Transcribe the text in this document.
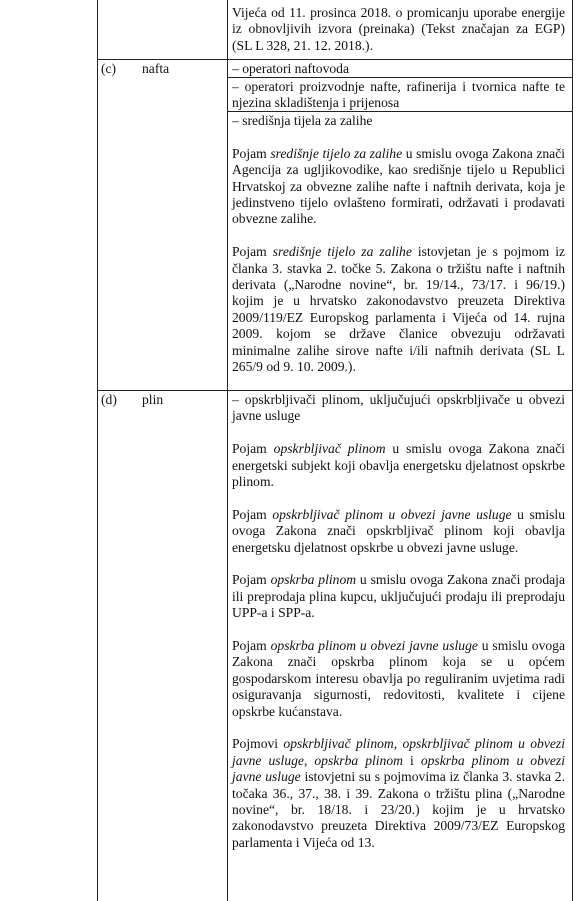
Vijeća od 11. prosinca 2018. o promicanju uporabe energije iz obnovljivih izvora (preinaka) (Tekst značajan za EGP) (SL L 328, 21. 12. 2018.).

(c) nafta	– operatori naftovoda
– operatori proizvodnje nafte, rafinerija i tvornica nafte te njezina skladištenja i prijenosa

– središnja tijela za zalihe

Pojam središnje tijelo za zalihe u smislu ovoga Zakona znači Agencija za ugljikovodike, kao središnje tijelo u Republici Hrvatskoj za obvezne zalihe nafte i naftnih derivata, koja je jedinstveno tijelo ovlašteno formirati, održavati i prodavati obvezne zalihe.

Pojam središnje tijelo za zalihe istovjetan je s pojmom iz članka 3. stavka 2. točke 5. Zakona o tržištu nafte i naftnih derivata („Narodne novine“, br. 19/14., 73/17. i 96/19.) kojim je u hrvatsko zakonodavstvo preuzeta Direktiva 2009/119/EZ Europskog parlamenta i Vijeća od 14. rujna 2009. kojom se države članice obvezuju održavati minimalne zalihe sirove nafte i/ili naftnih derivata (SL L 265/9 od 9. 10. 2009.).

(d) plin	– opskrbljivači plinom, uključujući opskrbljivače u obvezi javne usluge

Pojam opskrbljivač plinom u smislu ovoga Zakona znači energetski subjekt koji obavlja energetsku djelatnost opskrbe plinom.

Pojam opskrbljivač plinom u obvezi javne usluge u smislu ovoga Zakona znači opskrbljivač plinom koji obavlja energetsku djelatnost opskrbe u obvezi javne usluge.

Pojam opskrba plinom u smislu ovoga Zakona znači prodaja ili preprodaja plina kupcu, uključujući prodaju ili preprodaju UPP-a i SPP-a.

Pojam opskrba plinom u obvezi javne usluge u smislu ovoga Zakona znači opskrba plinom koja se u općem gospodarskom interesu obavlja po reguliranim uvjetima radi osiguravanja sigurnosti, redovitosti, kvalitete i cijene opskrbe kućanstava.

Pojmovi opskrbljivač plinom, opskrbljivač plinom u obvezi javne usluge, opskrba plinom i opskrba plinom u obvezi javne usluge istovjetni su s pojmovima iz članka 3. stavka 2. točaka 36., 37., 38. i 39. Zakona o tržištu plina („Narodne novine“, br. 18/18. i 23/20.) kojim je u hrvatsko zakonodavstvo preuzeta Direktiva 2009/73/EZ Europskog parlamenta i Vijeća od 13.
